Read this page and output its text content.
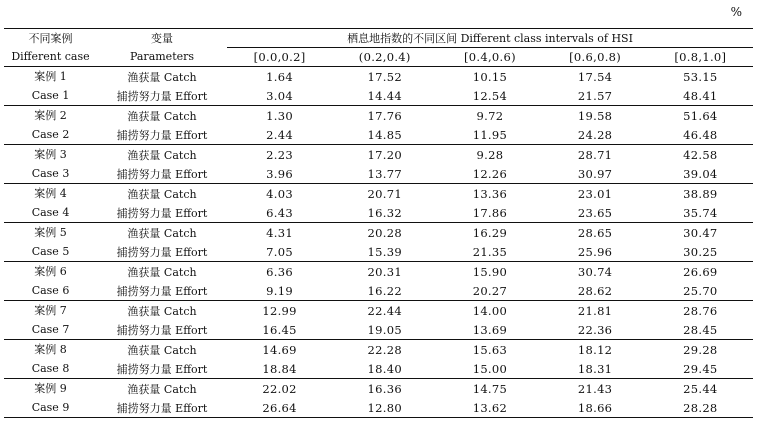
%
不同案例	变量	栖息地指数的不同区间 Different class intervals of HSI				
Different case	Parameters	[0.0,0.2]	(0.2,0.4)	[0.4,0.6)	[0.6,0.8)	[0.8,1.0]
案例 1	渔获量 Catch	1.64	17.52	10.15	17.54	53.15
Case 1	捕捞努力量 Effort	3.04	14.44	12.54	21.57	48.41
案例 2	渔获量 Catch	1.30	17.76	9.72	19.58	51.64
Case 2	捕捞努力量 Effort	2.44	14.85	11.95	24.28	46.48
案例 3	渔获量 Catch	2.23	17.20	9.28	28.71	42.58
Case 3	捕捞努力量 Effort	3.96	13.77	12.26	30.97	39.04
案例 4	渔获量 Catch	4.03	20.71	13.36	23.01	38.89
Case 4	捕捞努力量 Effort	6.43	16.32	17.86	23.65	35.74
案例 5	渔获量 Catch	4.31	20.28	16.29	28.65	30.47
Case 5	捕捞努力量 Effort	7.05	15.39	21.35	25.96	30.25
案例 6	渔获量 Catch	6.36	20.31	15.90	30.74	26.69
Case 6	捕捞努力量 Effort	9.19	16.22	20.27	28.62	25.70
案例 7	渔获量 Catch	12.99	22.44	14.00	21.81	28.76
Case 7	捕捞努力量 Effort	16.45	19.05	13.69	22.36	28.45
案例 8	渔获量 Catch	14.69	22.28	15.63	18.12	29.28
Case 8	捕捞努力量 Effort	18.84	18.40	15.00	18.31	29.45
案例 9	渔获量 Catch	22.02	16.36	14.75	21.43	25.44
Case 9	捕捞努力量 Effort	26.64	12.80	13.62	18.66	28.28
